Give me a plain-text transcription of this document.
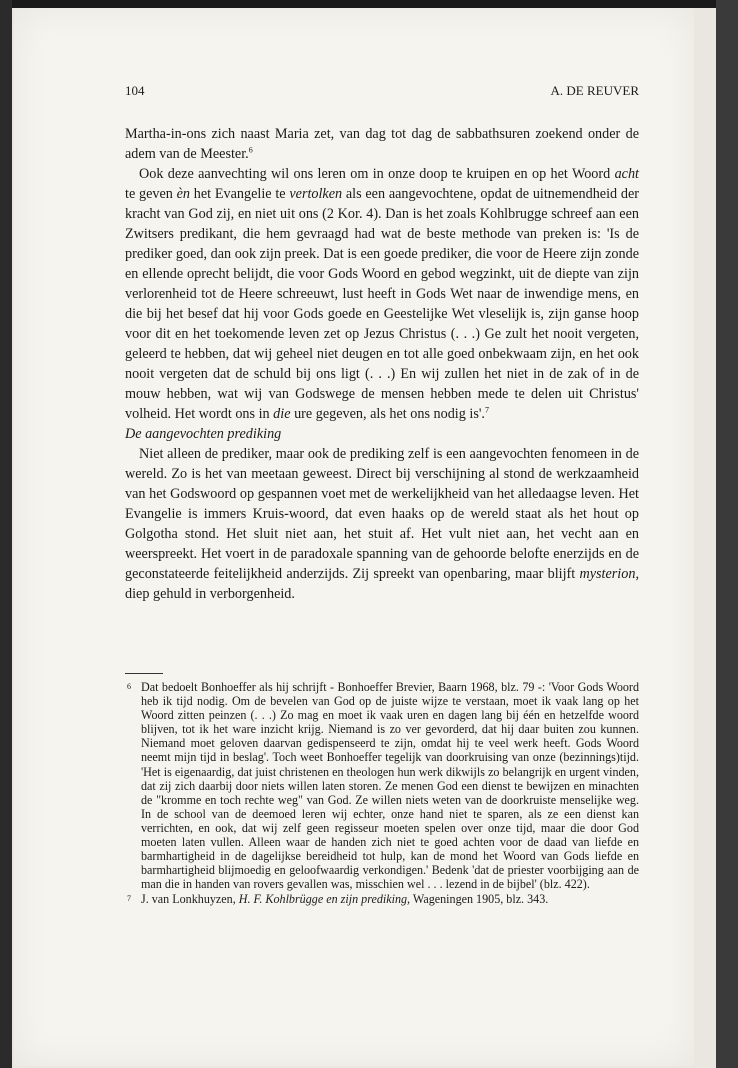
104	A. DE REUVER

Martha-in-ons zich naast Maria zet, van dag tot dag de sabbathsuren zoekend onder de adem van de Meester.$^6$

Ook deze aanvechting wil ons leren om in onze doop te kruipen en op het Woord acht te geven èn het Evangelie te vertolken als een aangevochtene, opdat de uitnemendheid der kracht van God zij, en niet uit ons (2 Kor. 4). Dan is het zoals Kohlbrugge schreef aan een Zwitsers predikant, die hem gevraagd had wat de beste methode van preken is: 'Is de prediker goed, dan ook zijn preek. Dat is een goede prediker, die voor de Heere zijn zonde en ellende oprecht belijdt, die voor Gods Woord en gebod wegzinkt, uit de diepte van zijn verlorenheid tot de Heere schreeuwt, lust heeft in Gods Wet naar de inwendige mens, en die bij het besef dat hij voor Gods goede en Geestelijke Wet vleselijk is, zijn ganse hoop voor dit en het toekomende leven zet op Jezus Christus (. . .) Ge zult het nooit vergeten, geleerd te hebben, dat wij geheel niet deugen en tot alle goed onbekwaam zijn, en het ook nooit vergeten dat de schuld bij ons ligt (. . .) En wij zullen het niet in de zak of in de mouw hebben, wat wij van Godswege de mensen hebben mede te delen uit Christus' volheid. Het wordt ons in die ure gegeven, als het ons nodig is'.$^7$

De aangevochten prediking

Niet alleen de prediker, maar ook de prediking zelf is een aangevochten fenomeen in de wereld. Zo is het van meetaan geweest. Direct bij verschijning al stond de werkzaamheid van het Godswoord op gespannen voet met de werkelijkheid van het alledaagse leven. Het Evangelie is immers Kruis-woord, dat even haaks op de wereld staat als het hout op Golgotha stond. Het sluit niet aan, het stuit af. Het vult niet aan, het vecht aan en weerspreekt. Het voert in de paradoxale spanning van de gehoorde belofte enerzijds en de geconstateerde feitelijkheid anderzijds. Zij spreekt van openbaring, maar blijft mysterion, diep gehuld in verborgenheid.

6 Dat bedoelt Bonhoeffer als hij schrijft - Bonhoeffer Brevier, Baarn 1968, blz. 79 -: 'Voor Gods Woord heb ik tijd nodig. Om de bevelen van God op de juiste wijze te verstaan, moet ik vaak lang op het Woord zitten peinzen (. . .) Zo mag en moet ik vaak uren en dagen lang bij één en hetzelfde woord blijven, tot ik het ware inzicht krijg. Niemand is zo ver gevorderd, dat hij daar buiten zou kunnen. Niemand moet geloven daarvan gedispenseerd te zijn, omdat hij te veel werk heeft. Gods Woord neemt mijn tijd in beslag'. Toch weet Bonhoeffer tegelijk van doorkruising van onze (bezinnings)tijd. 'Het is eigenaardig, dat juist christenen en theologen hun werk dikwijls zo belangrijk en urgent vinden, dat zij zich daarbij door niets willen laten storen. Ze menen God een dienst te bewijzen en minachten de "kromme en toch rechte weg" van God. Ze willen niets weten van de doorkruiste menselijke weg. In de school van de deemoed leren wij echter, onze hand niet te sparen, als ze een dienst kan verrichten, en ook, dat wij zelf geen regisseur moeten spelen over onze tijd, maar die door God moeten laten vullen. Alleen waar de handen zich niet te goed achten voor de daad van liefde en barmhartigheid in de dagelijkse bereidheid tot hulp, kan de mond het Woord van Gods liefde en barmhartigheid blijmoedig en geloofwaardig verkondigen.' Bedenk 'dat de priester voorbijging aan de man die in handen van rovers gevallen was, misschien wel . . . lezend in de bijbel' (blz. 422).

7 J. van Lonkhuyzen, H. F. Kohlbrügge en zijn prediking, Wageningen 1905, blz. 343.
